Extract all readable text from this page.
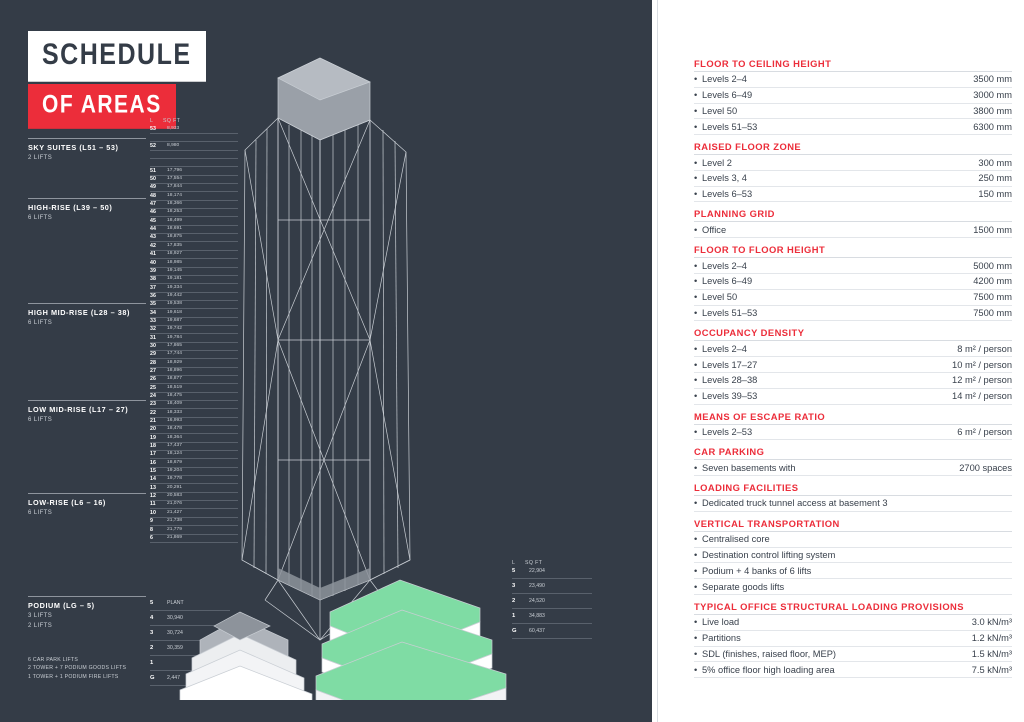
SCHEDULE
OF AREAS
SKY SUITES (L51 – 53)
2 LIFTS
HIGH-RISE (L39 – 50)
6 LIFTS
HIGH MID-RISE (L28 – 38)
6 LIFTS
LOW MID-RISE (L17 – 27)
6 LIFTS
LOW-RISE (L6 – 16)
6 LIFTS
PODIUM (LG – 5)
3 LIFTS
2 LIFTS
6 CAR PARK LIFTS
2 TOWER + 7 PODIUM GOODS LIFTS
1 TOWER + 1 PODIUM FIRE LIFTS
L	SQ FT
53 8,933
52 8,980
51 17,796
50 17,554
49 17,844
48 18,174
47 18,366
46 18,253
45 18,499
44 18,691
43 18,875
42 17,835
41 18,927
40 18,985
39 19,145
38 19,181
37 19,334
36 19,442
35 19,538
34 19,618
33 19,687
32 19,742
31 19,784
30 17,865
29 17,744
28 18,929
27 18,896
26 18,877
25 18,519
24 18,475
23 18,409
22 18,333
21 16,993
20 18,478
19 18,364
18 17,437
17 18,124
16 18,679
15 19,204
14 19,778
13 20,291
12 20,583
11 21,076
10 21,427
9	21,738
8	21,779
6	21,869
L	SQ FT
5	22,904
3	23,490
2	24,520
1	34,883
G 60,437
5	PLANT
4	30,940
3	30,724
2	30,359
1
G 2,447
FLOOR TO CEILING HEIGHT
• Levels 2–4	3500 mm
• Levels 6–49	3000 mm
• Level 50	3800 mm
• Levels 51–53	6300 mm
RAISED FLOOR ZONE
• Level 2	300 mm
• Levels 3, 4	250 mm
• Levels 6–53	150 mm
PLANNING GRID
• Office	1500 mm
FLOOR TO FLOOR HEIGHT
• Levels 2–4	5000 mm
• Levels 6–49	4200 mm
• Level 50	7500 mm
• Levels 51–53	7500 mm
OCCUPANCY DENSITY
• Levels 2–4	8 m² / person
• Levels 17–27	10 m² / person
• Levels 28–38	12 m² / person
• Levels 39–53	14 m² / person
MEANS OF ESCAPE RATIO
• Levels 2–53	6 m² / person
CAR PARKING
• Seven basements with	2700 spaces
LOADING FACILITIES
• Dedicated truck tunnel access at basement 3
VERTICAL TRANSPORTATION
• Centralised core
• Destination control lifting system
• Podium + 4 banks of 6 lifts
• Separate goods lifts
TYPICAL OFFICE STRUCTURAL LOADING PROVISIONS
• Live load	3.0 kN/m³
• Partitions	1.2 kN/m³
• SDL (finishes, raised floor, MEP)	1.5 kN/m³
• 5% office floor high loading area	7.5 kN/m³
